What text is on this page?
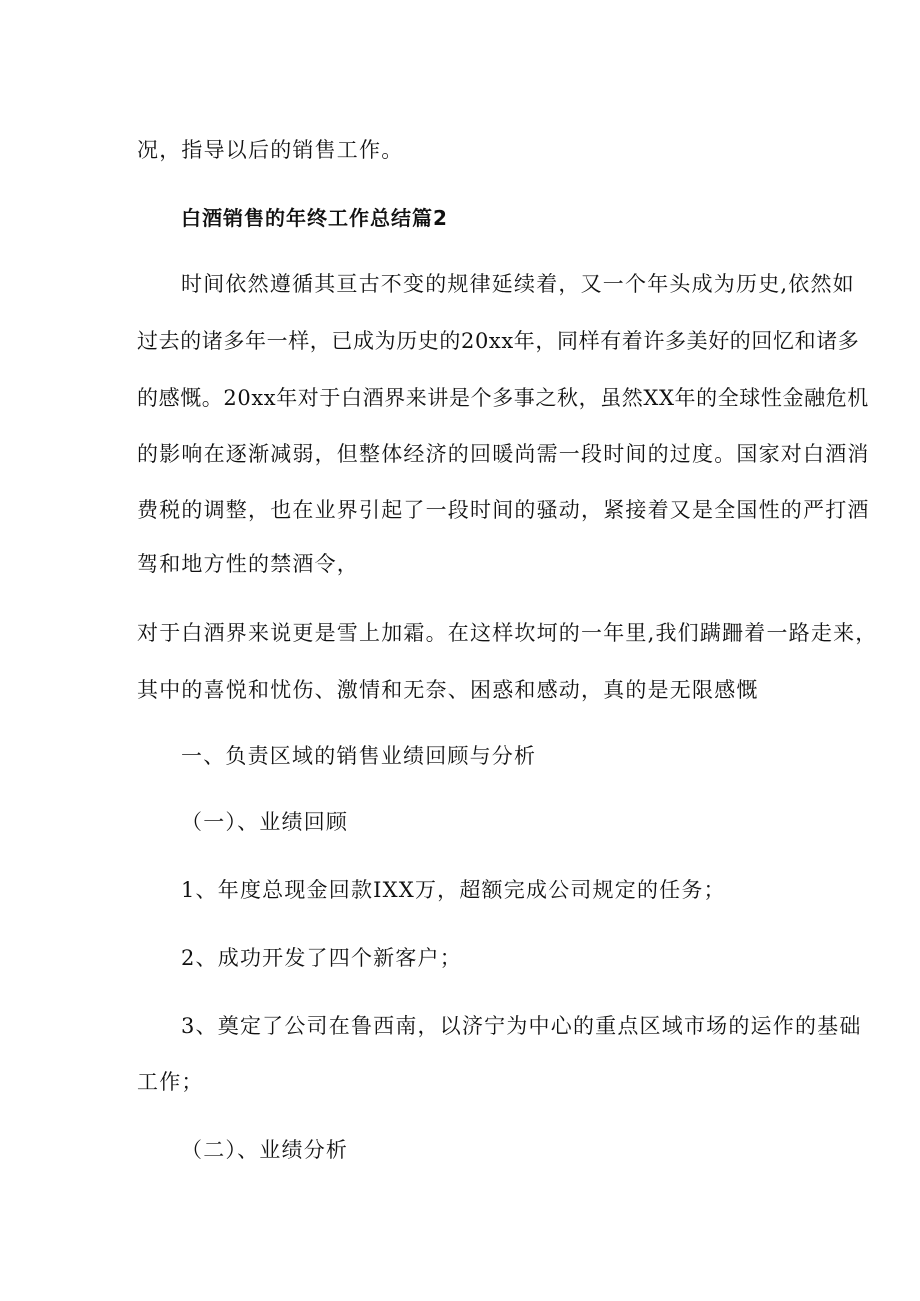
况，指导以后的销售工作。
白酒销售的年终工作总结篇2
时间依然遵循其亘古不变的规律延续着，又一个年头成为历史,依然如
过去的诸多年一样，已成为历史的20xx年，同样有着许多美好的回忆和诸多
的感慨。20xx年对于白酒界来讲是个多事之秋，虽然XX年的全球性金融危机
的影响在逐渐减弱，但整体经济的回暖尚需一段时间的过度。国家对白酒消
费税的调整，也在业界引起了一段时间的骚动，紧接着又是全国性的严打酒
驾和地方性的禁酒令，
对于白酒界来说更是雪上加霜。在这样坎坷的一年里,我们蹒跚着一路走来，
其中的喜悦和忧伤、激情和无奈、困惑和感动，真的是无限感慨
一、负责区域的销售业绩回顾与分析
（一）、业绩回顾
1、年度总现金回款IXX万，超额完成公司规定的任务；
2、成功开发了四个新客户；
3、奠定了公司在鲁西南，以济宁为中心的重点区域市场的运作的基础
工作；
（二）、业绩分析
